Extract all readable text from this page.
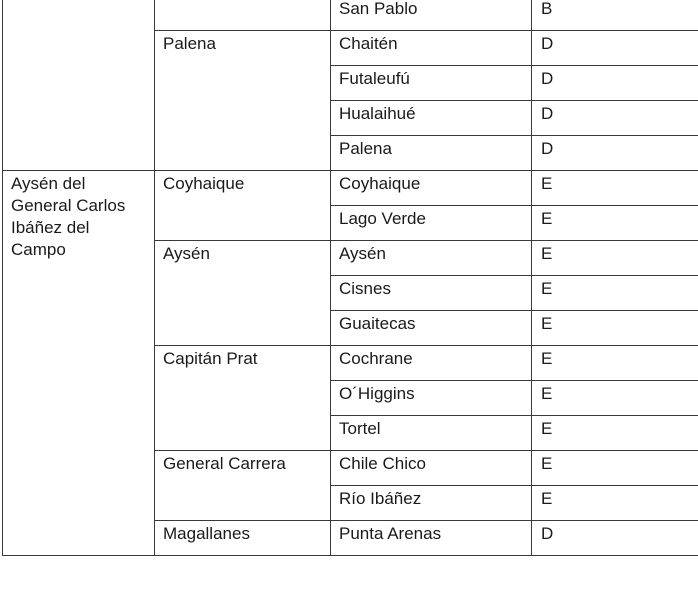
		San Pablo	B
	Palena	Chaitén	D
		Futaleufú	D
		Hualaihué	D
		Palena	D
Aysén del General Carlos Ibáñez del Campo	Coyhaique	Coyhaique	E
		Lago Verde	E
	Aysén	Aysén	E
		Cisnes	E
		Guaitecas	E
	Capitán Prat	Cochrane	E
		O´Higgins	E
		Tortel	E
	General Carrera	Chile Chico	E
		Río Ibáñez	E
	Magallanes	Punta Arenas	D
